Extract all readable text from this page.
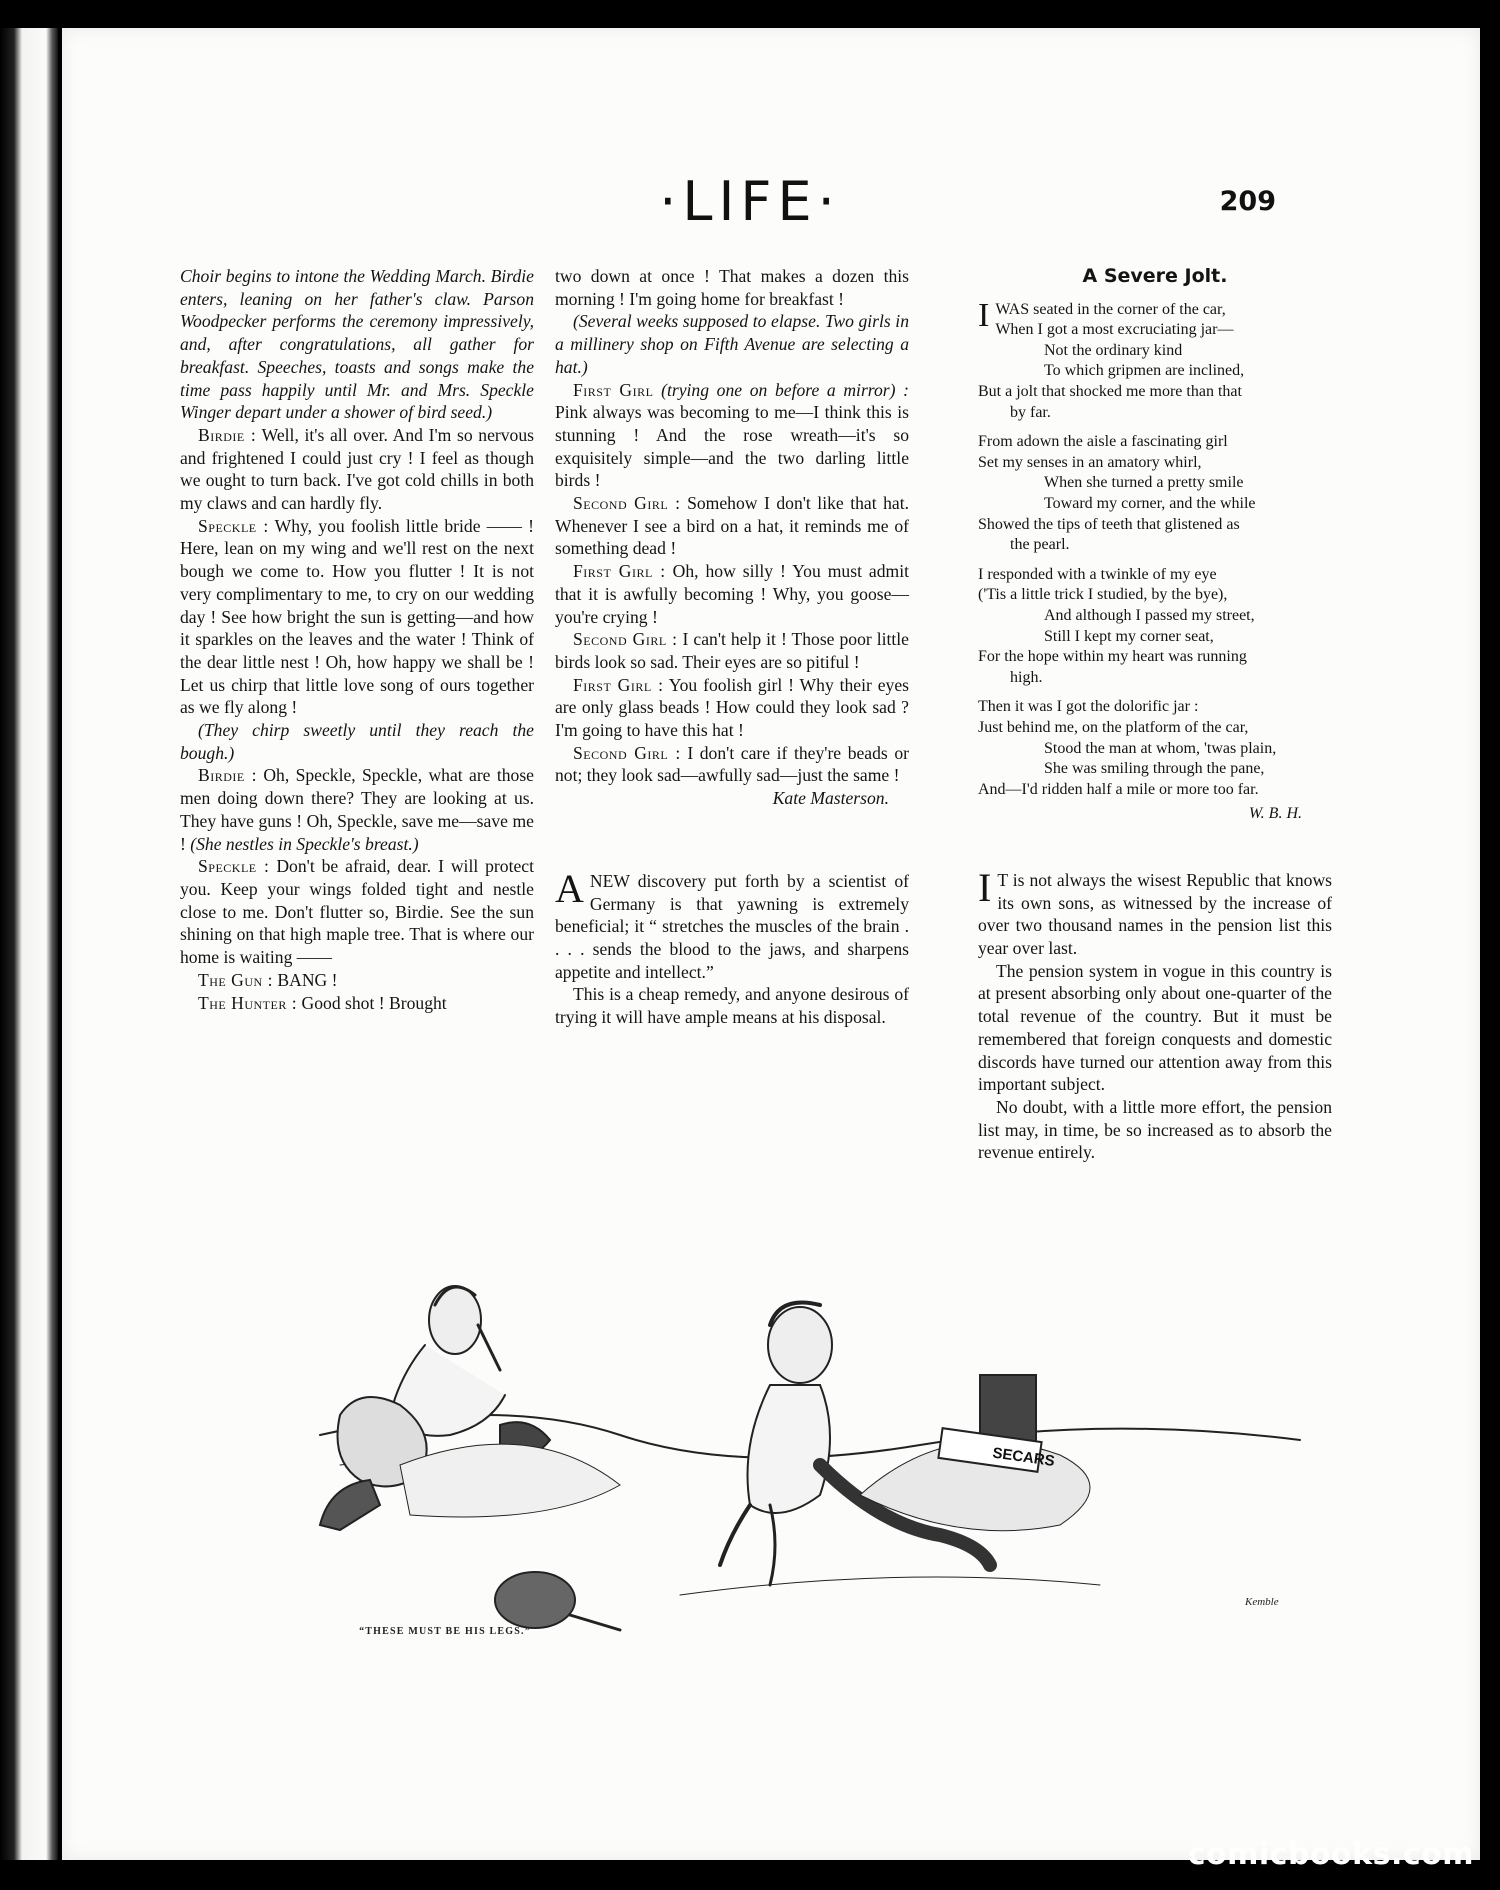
·LIFE·	209

Choir begins to intone the Wedding March. Birdie enters, leaning on her father's claw. Parson Woodpecker performs the ceremony impressively, and, after congratulations, all gather for breakfast. Speeches, toasts and songs make the time pass happily until Mr. and Mrs. Speckle Winger depart under a shower of bird seed.)

Birdie : Well, it's all over. And I'm so nervous and frightened I could just cry ! I feel as though we ought to turn back. I've got cold chills in both my claws and can hardly fly.

Speckle : Why, you foolish little bride —— ! Here, lean on my wing and we'll rest on the next bough we come to. How you flutter ! It is not very complimentary to me, to cry on our wedding day ! See how bright the sun is getting—and how it sparkles on the leaves and the water ! Think of the dear little nest ! Oh, how happy we shall be ! Let us chirp that little love song of ours together as we fly along !

(They chirp sweetly until they reach the bough.)

Birdie : Oh, Speckle, Speckle, what are those men doing down there? They are looking at us. They have guns ! Oh, Speckle, save me—save me ! (She nestles in Speckle's breast.)

Speckle : Don't be afraid, dear. I will protect you. Keep your wings folded tight and nestle close to me. Don't flutter so, Birdie. See the sun shining on that high maple tree. That is where our home is waiting ——

The Gun : BANG !

The Hunter : Good shot ! Brought

two down at once ! That makes a dozen this morning ! I'm going home for breakfast !

(Several weeks supposed to elapse. Two girls in a millinery shop on Fifth Avenue are selecting a hat.)

First Girl (trying one on before a mirror) : Pink always was becoming to me—I think this is stunning ! And the rose wreath—it's so exquisitely simple—and the two darling little birds !

Second Girl : Somehow I don't like that hat. Whenever I see a bird on a hat, it reminds me of something dead !

First Girl : Oh, how silly ! You must admit that it is awfully becoming ! Why, you goose—you're crying !

Second Girl : I can't help it ! Those poor little birds look so sad. Their eyes are so pitiful !

First Girl : You foolish girl ! Why their eyes are only glass beads ! How could they look sad ? I'm going to have this hat !

Second Girl : I don't care if they're beads or not; they look sad—awfully sad—just the same !

Kate Masterson.

ANEW discovery put forth by a scientist of Germany is that yawning is extremely beneficial; it “ stretches the muscles of the brain . . . . sends the blood to the jaws, and sharpens appetite and intellect.”

This is a cheap remedy, and anyone desirous of trying it will have ample means at his disposal.

A Severe Jolt.
I WAS seated in the corner of the car,
When I got a most excruciating jar—
Not the ordinary kind
To which gripmen are inclined,
But a jolt that shocked me more than that
by far.
From adown the aisle a fascinating girl
Set my senses in an amatory whirl,
When she turned a pretty smile
Toward my corner, and the while
Showed the tips of teeth that glistened as
the pearl.
I responded with a twinkle of my eye
('Tis a little trick I studied, by the bye),
And although I passed my street,
Still I kept my corner seat,
For the hope within my heart was running
high.
Then it was I got the dolorific jar :
Just behind me, on the platform of the car,
Stood the man at whom, 'twas plain,
She was smiling through the pane,
And—I'd ridden half a mile or more too far.
W. B. H.

I T is not always the wisest Republic that knows its own sons, as witnessed by the increase of over two thousand names in the pension list this year over last.

The pension system in vogue in this country is at present absorbing only about one-quarter of the total revenue of the country. But it must be remembered that foreign conquests and domestic discords have turned our attention away from this important subject.

No doubt, with a little more effort, the pension list may, in time, be so increased as to absorb the revenue entirely.

SECARS
Kemble
“THESE MUST BE HIS LEGS.”
comicbooks.com
